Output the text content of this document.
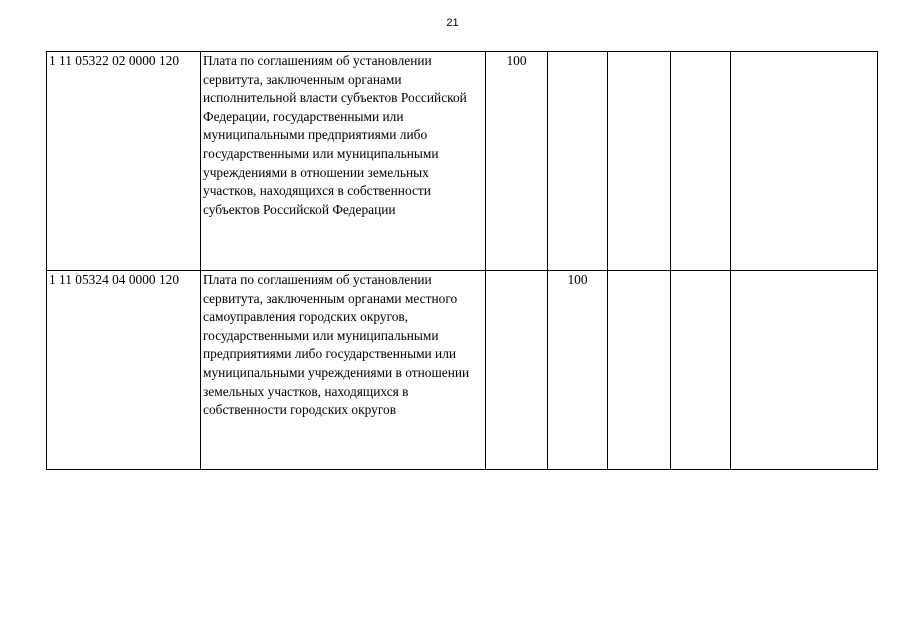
21
1 11 05322 02 0000 120	Плата по соглашениям об установлении сервитута, заключенным органами исполнительной власти субъектов Российской Федерации, государственными или муниципальными предприятиями либо государственными или муниципальными учреждениями в отношении земельных участков, находящихся в собственности субъектов Российской Федерации	100				
1 11 05324 04 0000 120	Плата по соглашениям об установлении сервитута, заключенным органами местного самоуправления городских округов, государственными или муниципальными предприятиями либо государственными или муниципальными учреждениями в отношении земельных участков, находящихся в собственности городских округов		100			
